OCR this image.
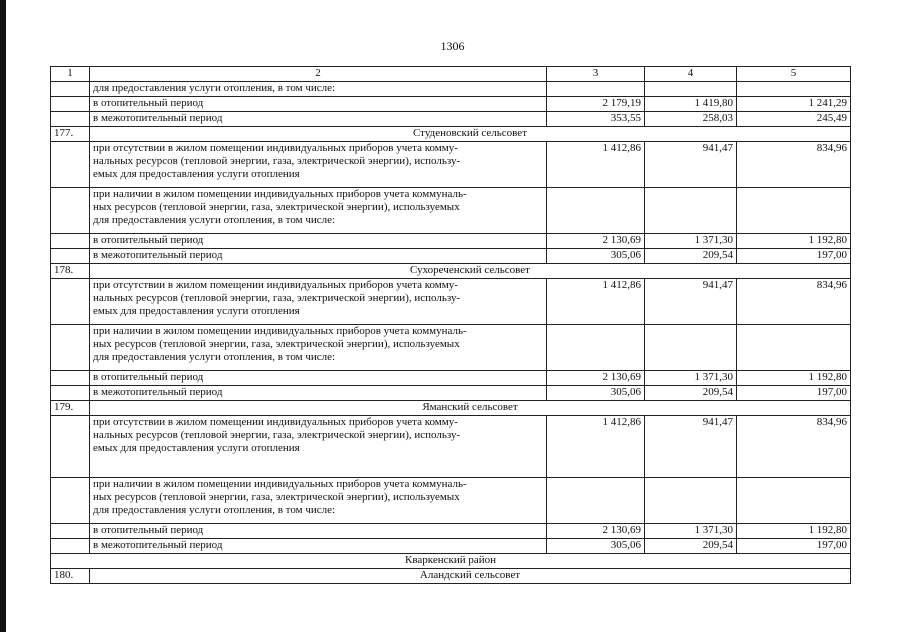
1306
1	2	3	4	5
	для предоставления услуги отопления, в том числе:			
	в отопительный период	2 179,19	1 419,80	1 241,29
	в межотопительный период	353,55	258,03	245,49
177.	Студеновский сельсовет			

	при отсутствии в жилом помещении индивидуальных приборов учета комму-
нальных ресурсов (тепловой энергии, газа, электрической энергии), использу-
емых для предоставления услуги отопления	1 412,86	941,47	834,96

	при наличии в жилом помещении индивидуальных приборов учета коммуналь-
ных ресурсов (тепловой энергии, газа, электрической энергии), используемых
для предоставления услуги отопления, в том числе:			

	в отопительный период	2 130,69	1 371,30	1 192,80
	в межотопительный период	305,06	209,54	197,00
178.	Сухореченский сельсовет			

	при отсутствии в жилом помещении индивидуальных приборов учета комму-
нальных ресурсов (тепловой энергии, газа, электрической энергии), использу-
емых для предоставления услуги отопления	1 412,86	941,47	834,96

	при наличии в жилом помещении индивидуальных приборов учета коммуналь-
ных ресурсов (тепловой энергии, газа, электрической энергии), используемых
для предоставления услуги отопления, в том числе:			

	в отопительный период	2 130,69	1 371,30	1 192,80
	в межотопительный период	305,06	209,54	197,00
179.	Яманский сельсовет			

	при отсутствии в жилом помещении индивидуальных приборов учета комму-
нальных ресурсов (тепловой энергии, газа, электрической энергии), использу-
емых для предоставления услуги отопления	1 412,86	941,47	834,96

	при наличии в жилом помещении индивидуальных приборов учета коммуналь-
ных ресурсов (тепловой энергии, газа, электрической энергии), используемых
для предоставления услуги отопления, в том числе:			

	в отопительный период	2 130,69	1 371,30	1 192,80
	в межотопительный период	305,06	209,54	197,00
Кваркенский район				
180.	Аландский сельсовет			
